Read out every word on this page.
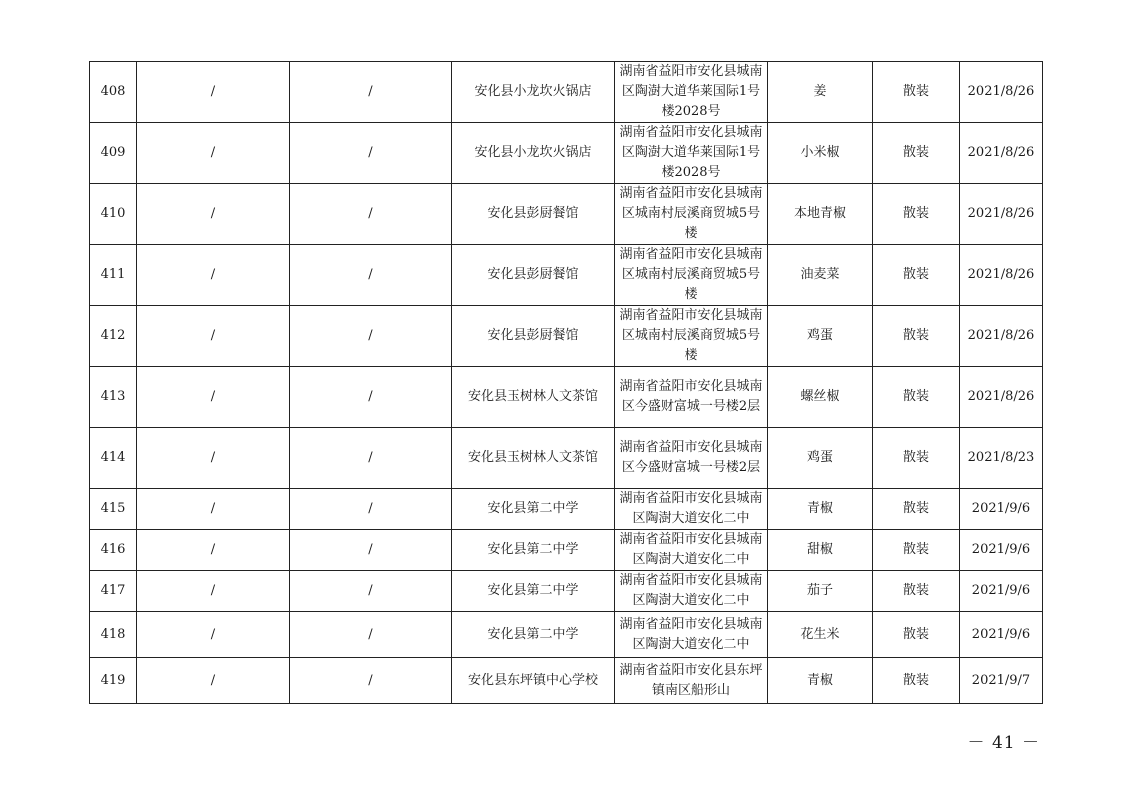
408	/	/	安化县小龙坎火锅店	湖南省益阳市安化县城南区陶澍大道华莱国际1号楼2028号	姜	散装	2021/8/26
409	/	/	安化县小龙坎火锅店	湖南省益阳市安化县城南区陶澍大道华莱国际1号楼2028号	小米椒	散装	2021/8/26
410	/	/	安化县彭厨餐馆	湖南省益阳市安化县城南区城南村辰溪商贸城5号楼	本地青椒	散装	2021/8/26
411	/	/	安化县彭厨餐馆	湖南省益阳市安化县城南区城南村辰溪商贸城5号楼	油麦菜	散装	2021/8/26
412	/	/	安化县彭厨餐馆	湖南省益阳市安化县城南区城南村辰溪商贸城5号楼	鸡蛋	散装	2021/8/26
413	/	/	安化县玉树林人文茶馆	湖南省益阳市安化县城南区今盛财富城一号楼2层	螺丝椒	散装	2021/8/26
414	/	/	安化县玉树林人文茶馆	湖南省益阳市安化县城南区今盛财富城一号楼2层	鸡蛋	散装	2021/8/23
415	/	/	安化县第二中学	湖南省益阳市安化县城南区陶澍大道安化二中	青椒	散装	2021/9/6
416	/	/	安化县第二中学	湖南省益阳市安化县城南区陶澍大道安化二中	甜椒	散装	2021/9/6
417	/	/	安化县第二中学	湖南省益阳市安化县城南区陶澍大道安化二中	茄子	散装	2021/9/6
418	/	/	安化县第二中学	湖南省益阳市安化县城南区陶澍大道安化二中	花生米	散装	2021/9/6
419	/	/	安化县东坪镇中心学校	湖南省益阳市安化县东坪镇南区船形山	青椒	散装	2021/9/7
－ 41 －
